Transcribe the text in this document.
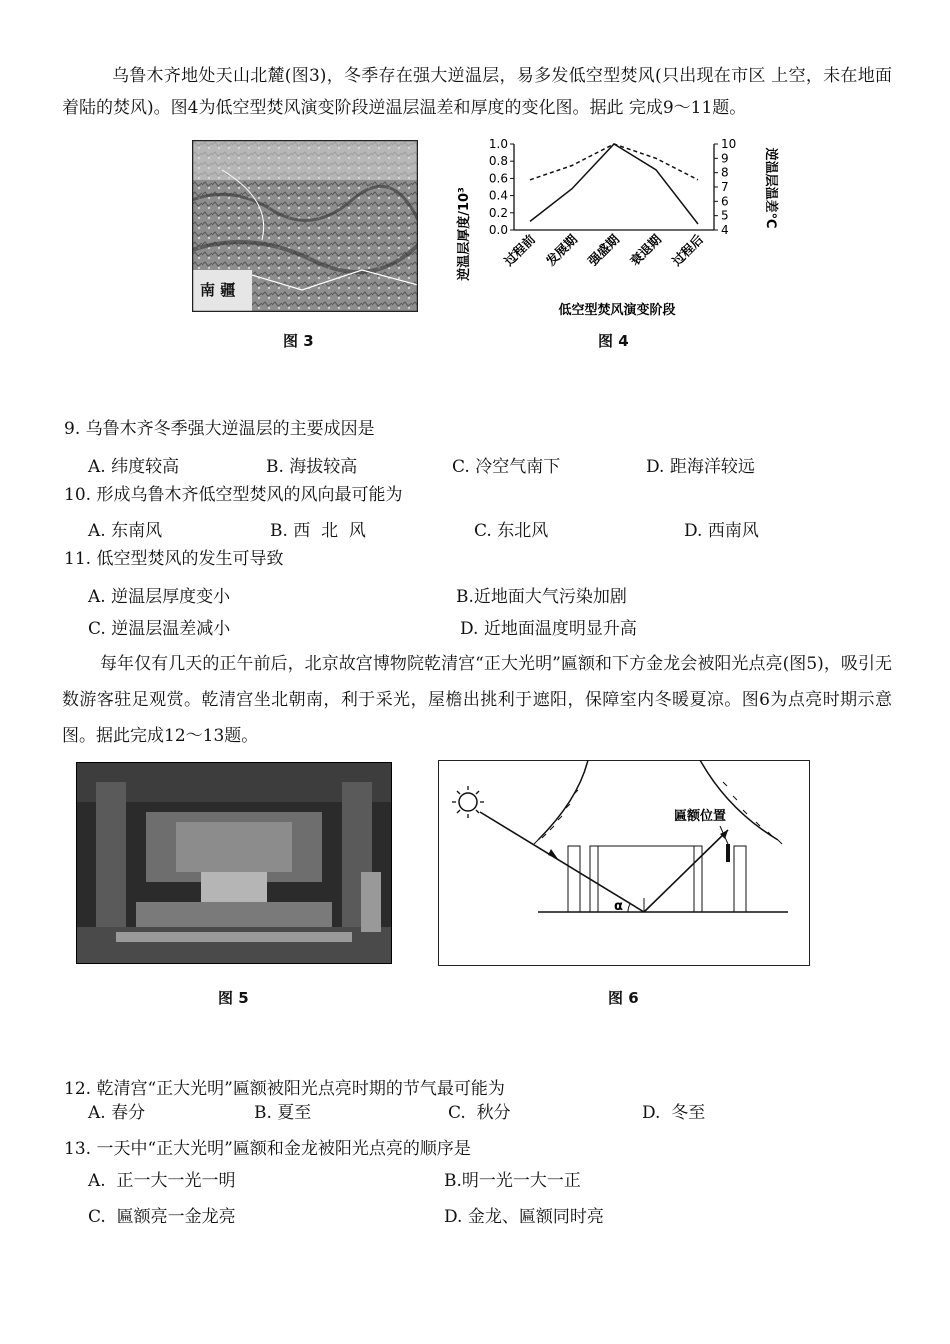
乌鲁木齐地处天山北麓(图3)，冬季存在强大逆温层，易多发低空型焚风(只出现在市区 上空，未在地面着陆的焚风)。图4为低空型焚风演变阶段逆温层温差和厚度的变化图。据此 完成9～11题。
南 疆
图 3
逆温层厚度/10³	逆温层温差℃
低空型焚风演变阶段
0.0
0.2
0.4
0.6
0.8
1.0
4
5
6
7
8
9
10
过程前 发展期 强盛期 衰退期 过程后
图 4
9. 乌鲁木齐冬季强大逆温层的主要成因是
A. 纬度较高	B. 海拔较高	C. 冷空气南下	D. 距海洋较远
10. 形成乌鲁木齐低空型焚风的风向最可能为
A. 东南风	B. 西  北  风	C. 东北风	D. 西南风
11. 低空型焚风的发生可导致
A. 逆温层厚度变小	B.近地面大气污染加剧
C. 逆温层温差减小	D. 近地面温度明显升高
每年仅有几天的正午前后，北京故宫博物院乾清宫“正大光明”匾额和下方金龙会被阳光点亮(图5)，吸引无数游客驻足观赏。乾清宫坐北朝南，利于采光，屋檐出挑利于遮阳，保障室内冬暖夏凉。图6为点亮时期示意图。据此完成12～13题。
图 5
α
匾额位置
图 6
12. 乾清宫“正大光明”匾额被阳光点亮时期的节气最可能为
A. 春分	B. 夏至	C.  秋分	D.  冬至
13. 一天中“正大光明”匾额和金龙被阳光点亮的顺序是
A.  正一大一光一明	B.明一光一大一正
C.  匾额亮一金龙亮	D. 金龙、匾额同时亮
